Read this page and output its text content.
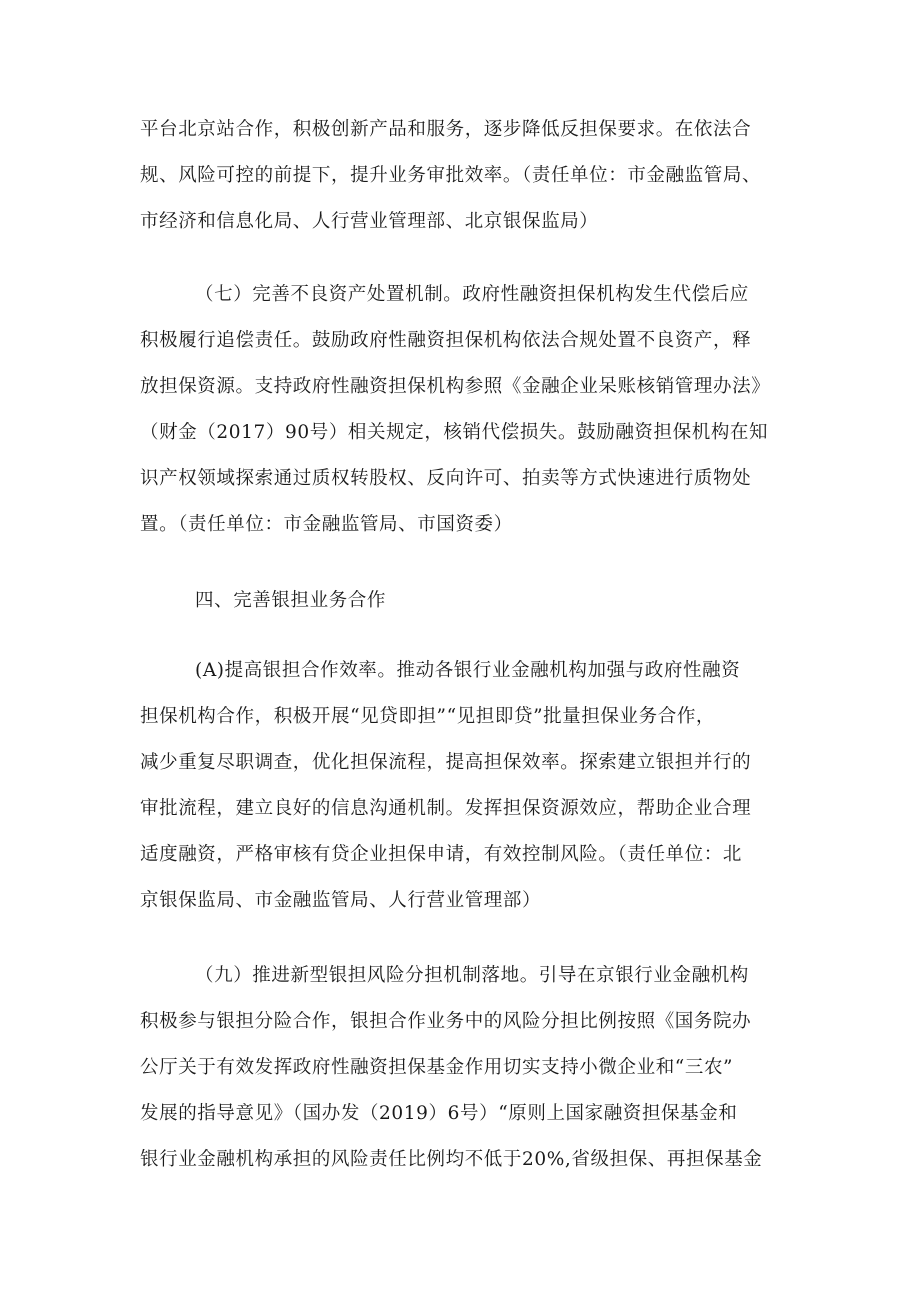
平台北京站合作，积极创新产品和服务，逐步降低反担保要求。在依法合
规、风险可控的前提下，提升业务审批效率。（责任单位：市金融监管局、
市经济和信息化局、人行营业管理部、北京银保监局）
（七）完善不良资产处置机制。政府性融资担保机构发生代偿后应
积极履行追偿责任。鼓励政府性融资担保机构依法合规处置不良资产，释
放担保资源。支持政府性融资担保机构参照《金融企业呆账核销管理办法》
（财金（2017）90号）相关规定，核销代偿损失。鼓励融资担保机构在知
识产权领域探索通过质权转股权、反向许可、拍卖等方式快速进行质物处
置。（责任单位：市金融监管局、市国资委）
四、完善银担业务合作
(A)提高银担合作效率。推动各银行业金融机构加强与政府性融资
担保机构合作，积极开展“见贷即担”“见担即贷”批量担保业务合作，
减少重复尽职调查，优化担保流程，提高担保效率。探索建立银担并行的
审批流程，建立良好的信息沟通机制。发挥担保资源效应，帮助企业合理
适度融资，严格审核有贷企业担保申请，有效控制风险。（责任单位：北
京银保监局、市金融监管局、人行营业管理部）
（九）推进新型银担风险分担机制落地。引导在京银行业金融机构
积极参与银担分险合作，银担合作业务中的风险分担比例按照《国务院办
公厅关于有效发挥政府性融资担保基金作用切实支持小微企业和“三农”
发展的指导意见》（国办发（2019）6号）“原则上国家融资担保基金和
银行业金融机构承担的风险责任比例均不低于20%,省级担保、再担保基金
